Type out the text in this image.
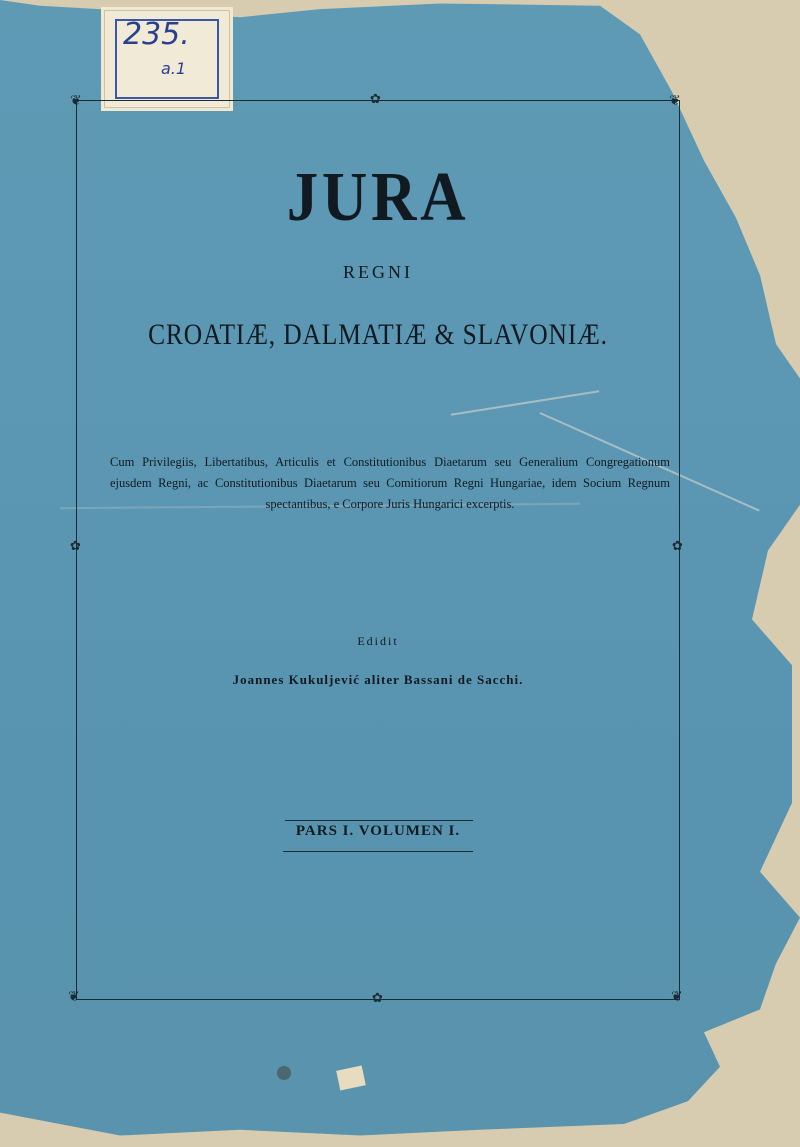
235.
a.1
❦	❦
❦	❦
✿
✿
✿	✿
JURA
REGNI
CROATIÆ, DALMATIÆ & SLAVONIÆ.
Cum Privilegiis, Libertatibus, Articulis et Constitutionibus Diaetarum seu Generalium Congregationum ejusdem Regni, ac Constitutionibus Diaetarum seu Comitiorum Regni Hungariae, idem Socium Regnum spectantibus, e Corpore Juris Hungarici excerptis.
Edidit
Joannes Kukuljević aliter Bassani de Sacchi.
PARS I. VOLUMEN I.
